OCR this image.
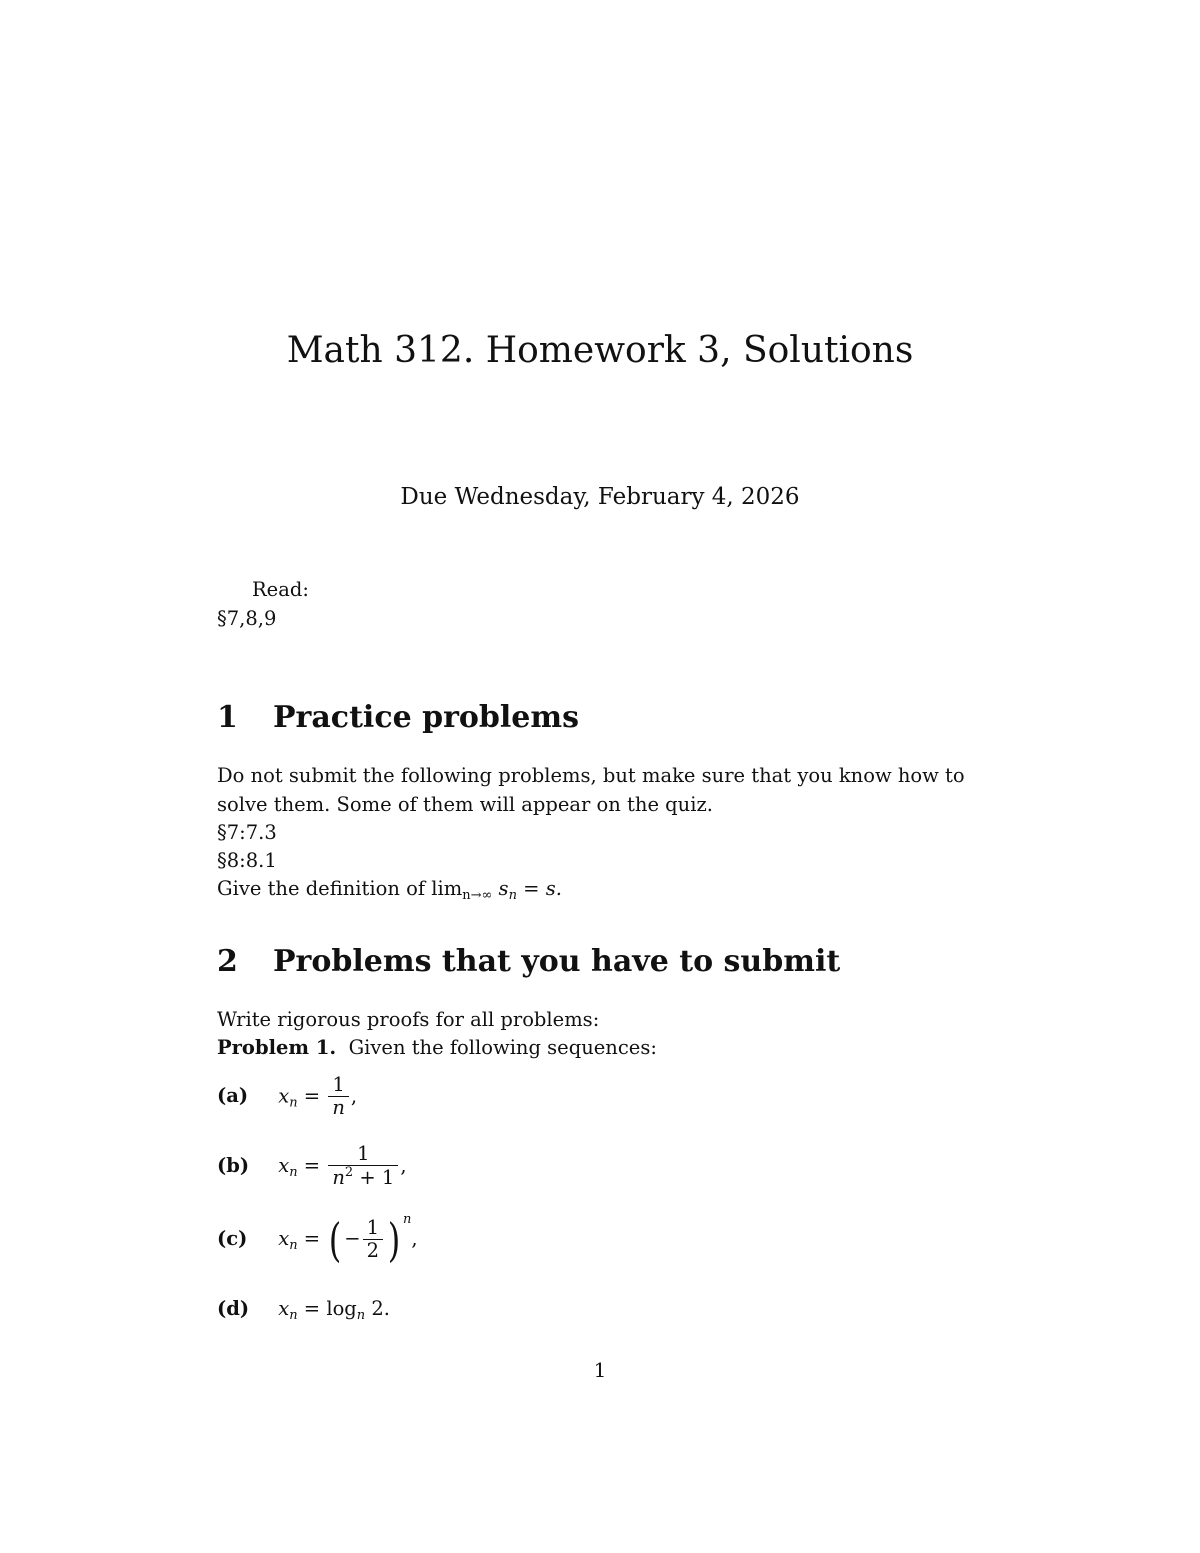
Math 312. Homework 3, Solutions
Due Wednesday, February 4, 2026
Read:
§7,8,9
1 Practice problems
Do not submit the following problems, but make sure that you know how to
solve them. Some of them will appear on the quiz.
§7:7.3
§8:8.1
Give the definition of $\lim_{n\to\infty} s_n = s$.
2 Problems that you have to submit
Write rigorous proofs for all problems:
Problem 1. Given the following sequences:
(a) $x_n = \frac{1}{n}$ ,
(b) $x_n = \frac{1}{n^2 + 1}$ ,
(c) $x_n$ = ( − $\frac{1}{2}$ ) $^n$,
(d) $x_n = \log_n 2$.
1
